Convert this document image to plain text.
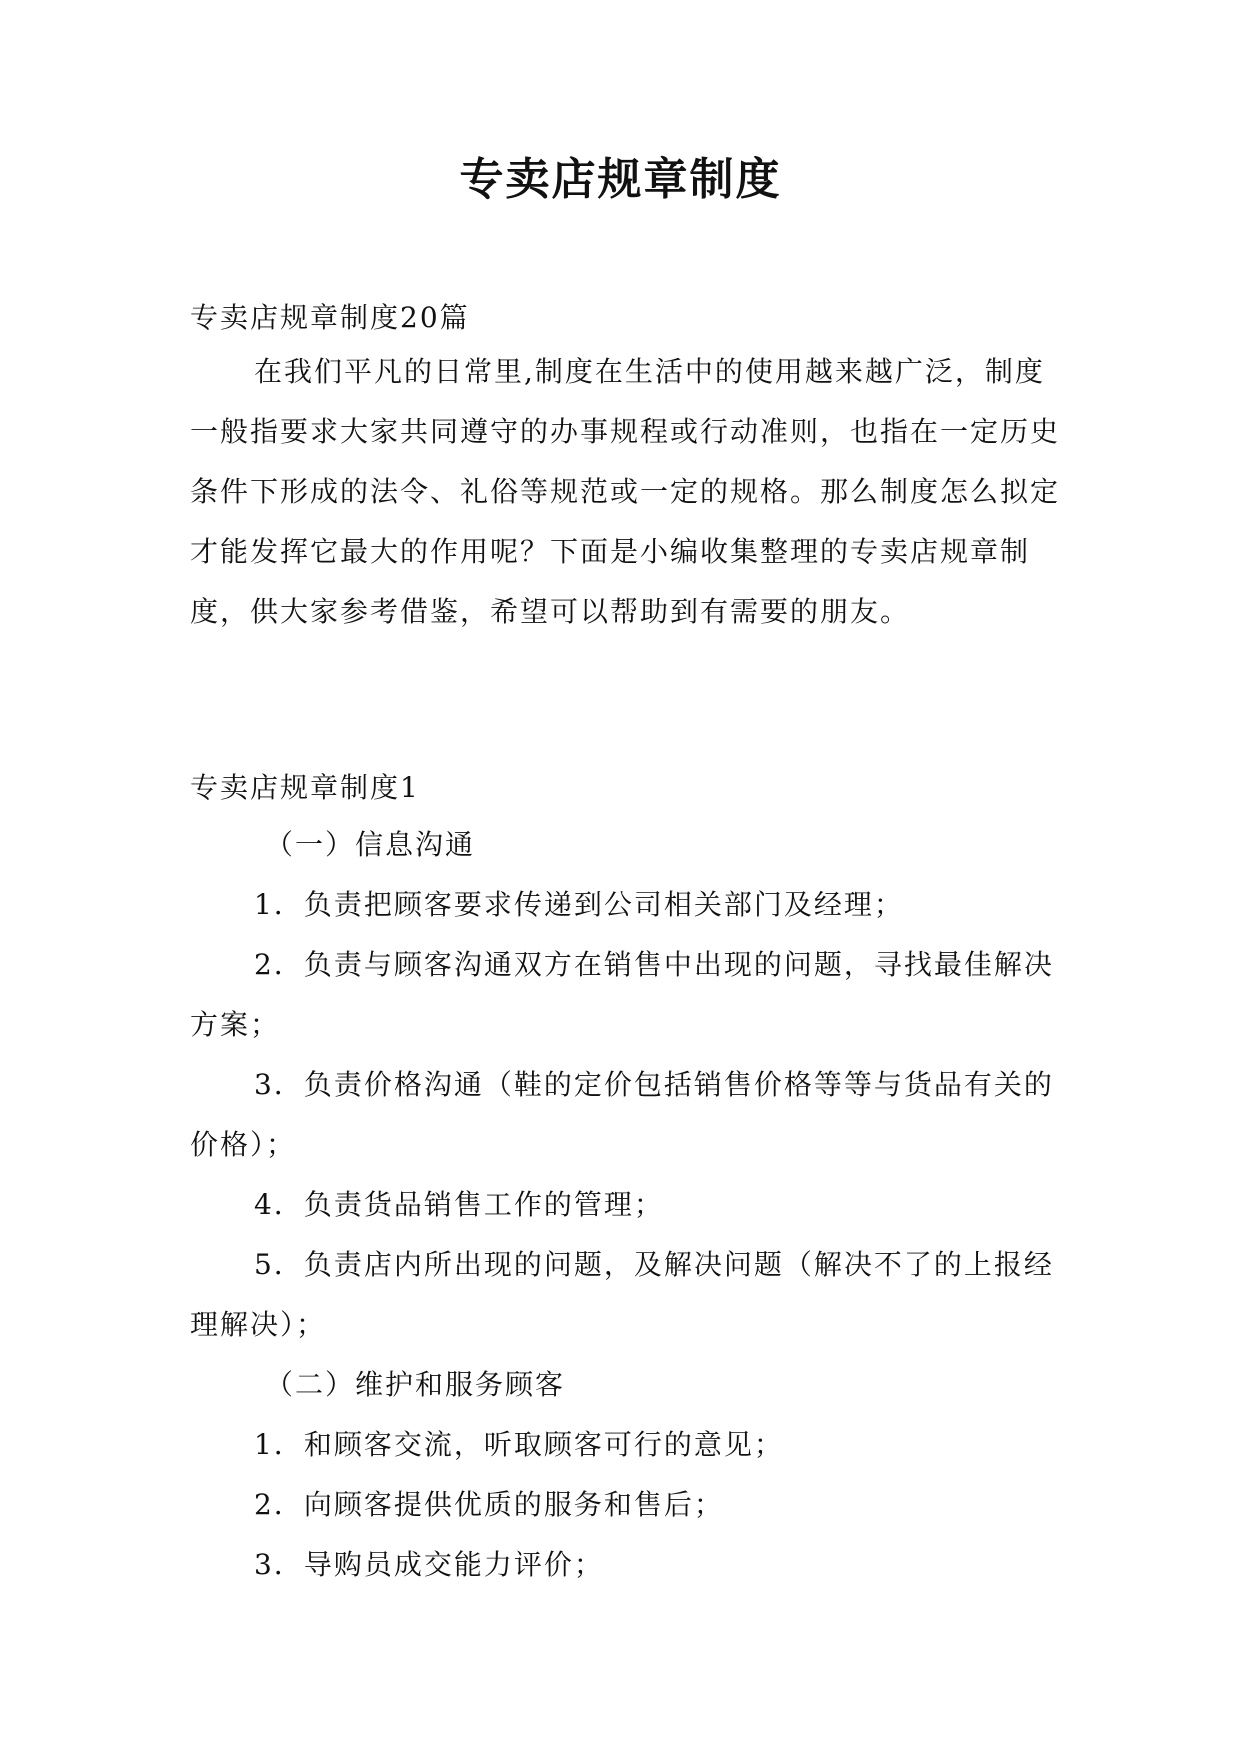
专卖店规章制度
专卖店规章制度20篇
在我们平凡的日常里,制度在生活中的使用越来越广泛，制度一般指要求大家共同遵守的办事规程或行动准则，也指在一定历史条件下形成的法令、礼俗等规范或一定的规格。那么制度怎么拟定才能发挥它最大的作用呢？下面是小编收集整理的专卖店规章制度，供大家参考借鉴，希望可以帮助到有需要的朋友。
专卖店规章制度1

（一）信息沟通

1．负责把顾客要求传递到公司相关部门及经理；

2．负责与顾客沟通双方在销售中出现的问题，寻找最佳解决方案；

3．负责价格沟通（鞋的定价包括销售价格等等与货品有关的价格）；

4．负责货品销售工作的管理；

5．负责店内所出现的问题，及解决问题（解决不了的上报经理解决）；

（二）维护和服务顾客

1．和顾客交流，听取顾客可行的意见；

2．向顾客提供优质的服务和售后；

3．导购员成交能力评价；
